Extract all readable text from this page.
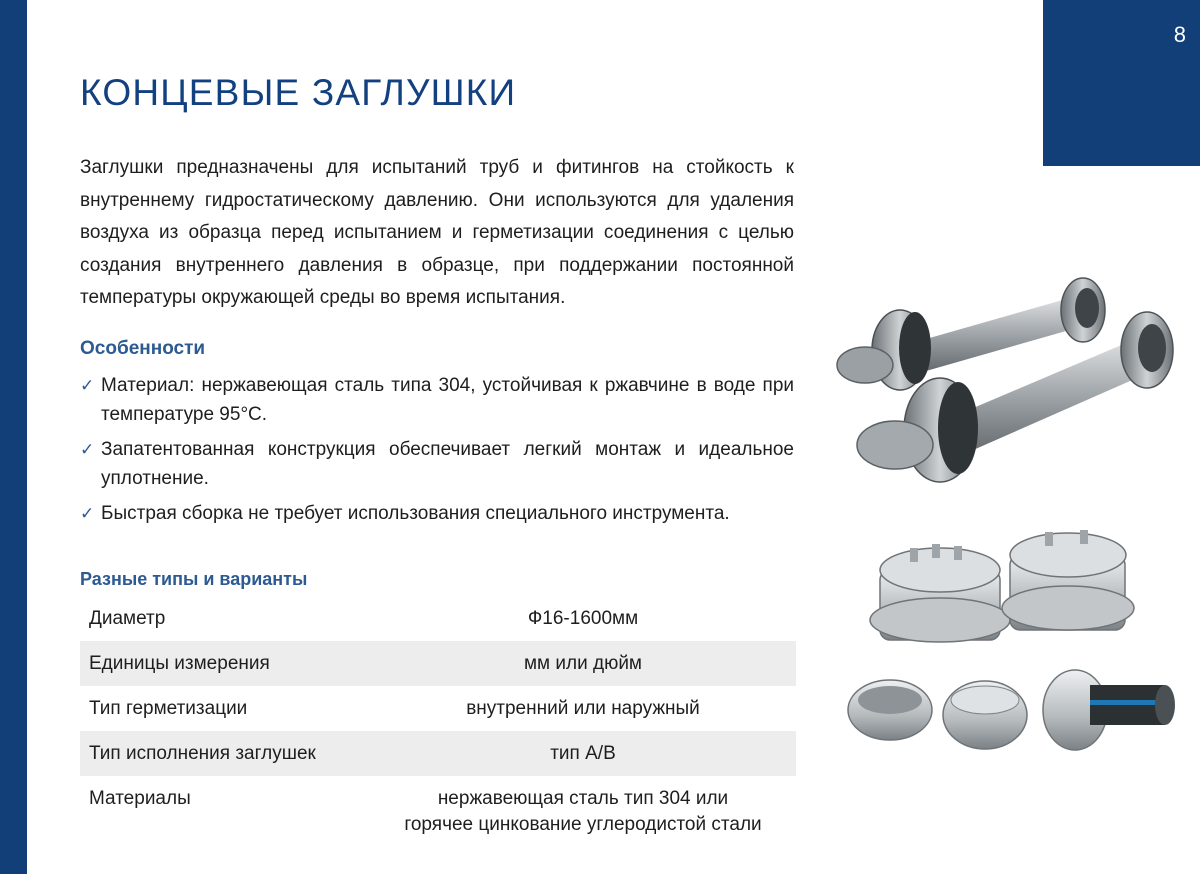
8
КОНЦЕВЫЕ ЗАГЛУШКИ

Заглушки предназначены для испытаний труб и фитингов на стойкость к внутреннему гидростатическому давлению. Они используются для удаления воздуха из образца перед испытанием и герметизации соединения с целью создания внутреннего давления в образце, при поддержании постоянной температуры окружающей среды во время испытания.

Особенности
✓ Материал: нержавеющая сталь типа 304, устойчивая к ржавчине в воде при температуре 95°С.
✓ Запатентованная конструкция обеспечивает легкий монтаж и идеальное уплотнение.
✓ Быстрая сборка не требует использования специального инструмента.
Разные типы и варианты
Диаметр	Ф16-1600мм
Единицы измерения	мм или дюйм
Тип герметизации	внутренний или наружный
Тип исполнения заглушек	тип А/В
Материалы	нержавеющая сталь тип 304 или
горячее цинкование углеродистой стали
